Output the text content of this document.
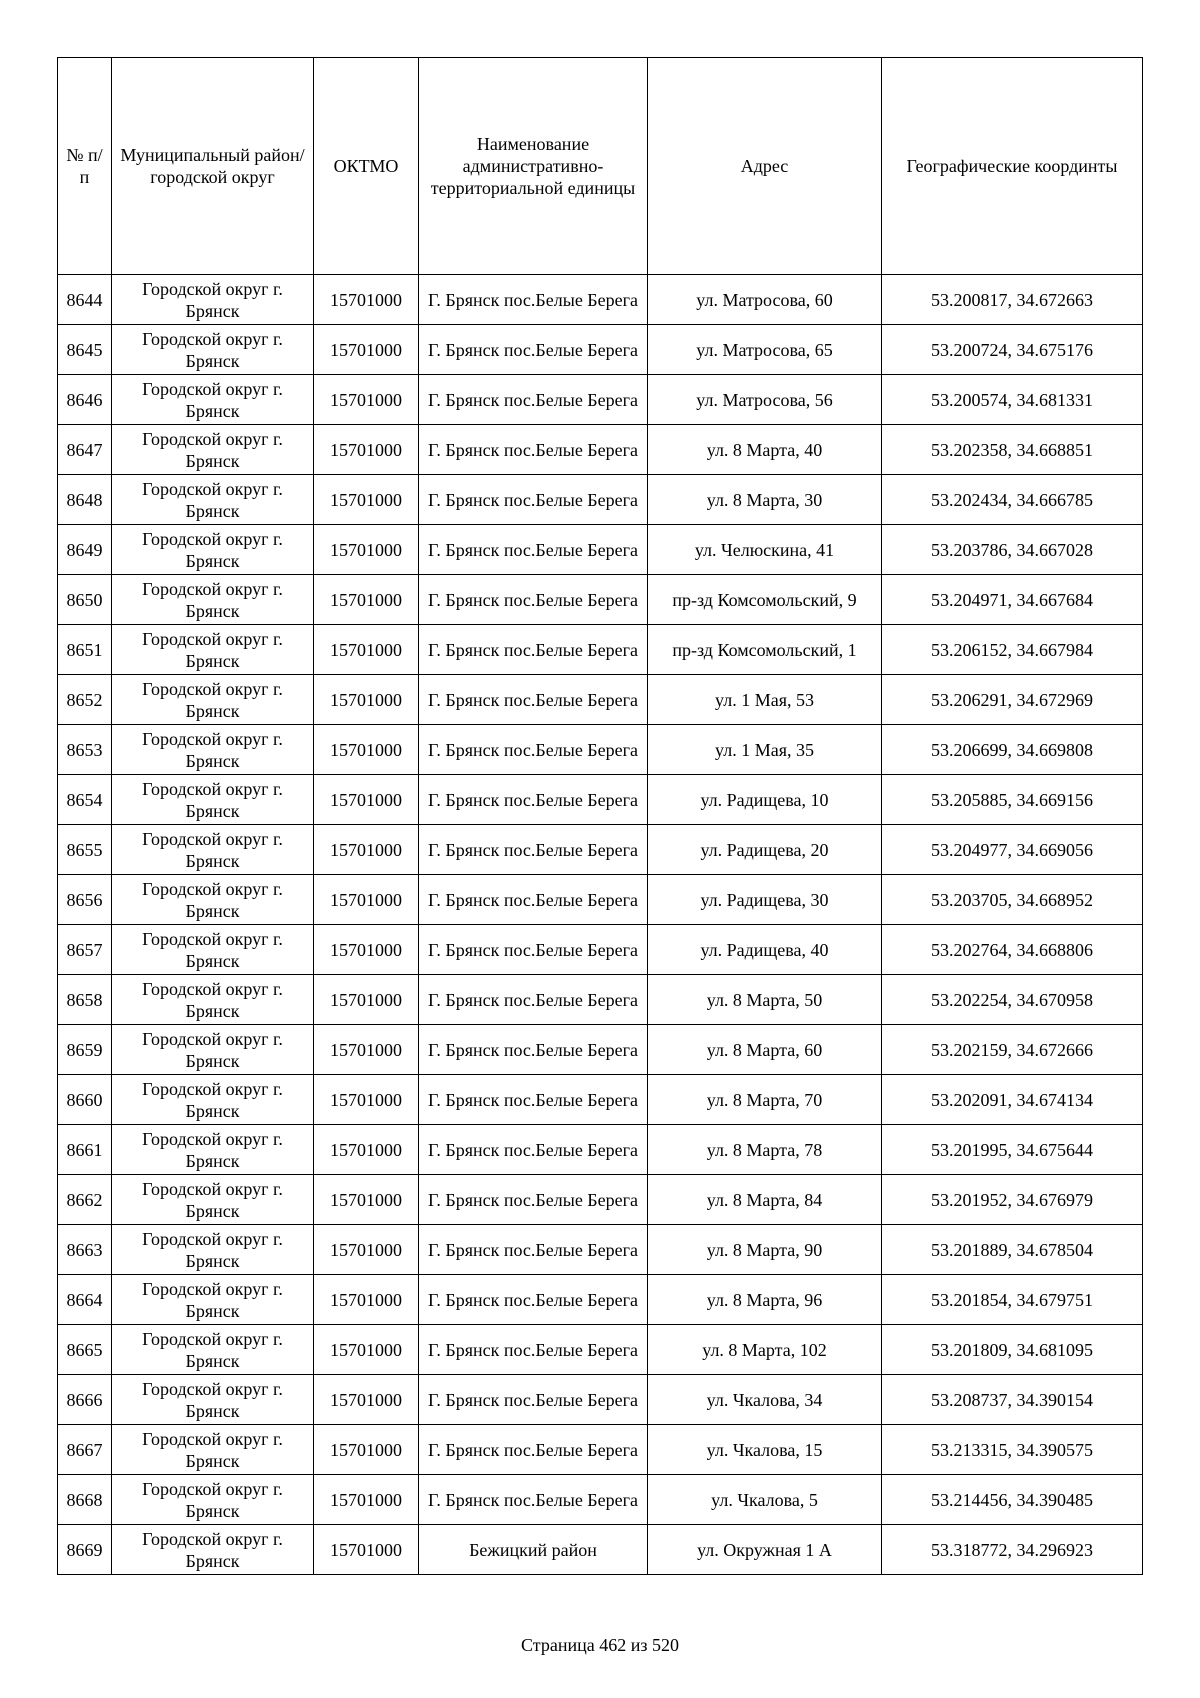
№ п/п	Муниципальный район/городской округ	ОКТМО	Наименование административно-территориальной единицы	Адрес	Географические координты
8644	Городской округ г. Брянск	15701000	Г. Брянск пос.Белые Берега	ул. Матросова, 60	53.200817, 34.672663
8645	Городской округ г. Брянск	15701000	Г. Брянск пос.Белые Берега	ул. Матросова, 65	53.200724, 34.675176
8646	Городской округ г. Брянск	15701000	Г. Брянск пос.Белые Берега	ул. Матросова, 56	53.200574, 34.681331
8647	Городской округ г. Брянск	15701000	Г. Брянск пос.Белые Берега	ул. 8 Марта, 40	53.202358, 34.668851
8648	Городской округ г. Брянск	15701000	Г. Брянск пос.Белые Берега	ул. 8 Марта, 30	53.202434, 34.666785
8649	Городской округ г. Брянск	15701000	Г. Брянск пос.Белые Берега	ул. Челюскина, 41	53.203786, 34.667028
8650	Городской округ г. Брянск	15701000	Г. Брянск пос.Белые Берега	пр-зд Комсомольский, 9	53.204971, 34.667684
8651	Городской округ г. Брянск	15701000	Г. Брянск пос.Белые Берега	пр-зд Комсомольский, 1	53.206152, 34.667984
8652	Городской округ г. Брянск	15701000	Г. Брянск пос.Белые Берега	ул. 1 Мая, 53	53.206291, 34.672969
8653	Городской округ г. Брянск	15701000	Г. Брянск пос.Белые Берега	ул. 1 Мая, 35	53.206699, 34.669808
8654	Городской округ г. Брянск	15701000	Г. Брянск пос.Белые Берега	ул. Радищева, 10	53.205885, 34.669156
8655	Городской округ г. Брянск	15701000	Г. Брянск пос.Белые Берега	ул. Радищева, 20	53.204977, 34.669056
8656	Городской округ г. Брянск	15701000	Г. Брянск пос.Белые Берега	ул. Радищева, 30	53.203705, 34.668952
8657	Городской округ г. Брянск	15701000	Г. Брянск пос.Белые Берега	ул. Радищева, 40	53.202764, 34.668806
8658	Городской округ г. Брянск	15701000	Г. Брянск пос.Белые Берега	ул. 8 Марта, 50	53.202254, 34.670958
8659	Городской округ г. Брянск	15701000	Г. Брянск пос.Белые Берега	ул. 8 Марта, 60	53.202159, 34.672666
8660	Городской округ г. Брянск	15701000	Г. Брянск пос.Белые Берега	ул. 8 Марта, 70	53.202091, 34.674134
8661	Городской округ г. Брянск	15701000	Г. Брянск пос.Белые Берега	ул. 8 Марта, 78	53.201995, 34.675644
8662	Городской округ г. Брянск	15701000	Г. Брянск пос.Белые Берега	ул. 8 Марта, 84	53.201952, 34.676979
8663	Городской округ г. Брянск	15701000	Г. Брянск пос.Белые Берега	ул. 8 Марта, 90	53.201889, 34.678504
8664	Городской округ г. Брянск	15701000	Г. Брянск пос.Белые Берега	ул. 8 Марта, 96	53.201854, 34.679751
8665	Городской округ г. Брянск	15701000	Г. Брянск пос.Белые Берега	ул. 8 Марта, 102	53.201809, 34.681095
8666	Городской округ г. Брянск	15701000	Г. Брянск пос.Белые Берега	ул. Чкалова, 34	53.208737, 34.390154
8667	Городской округ г. Брянск	15701000	Г. Брянск пос.Белые Берега	ул. Чкалова, 15	53.213315, 34.390575
8668	Городской округ г. Брянск	15701000	Г. Брянск пос.Белые Берега	ул. Чкалова, 5	53.214456, 34.390485
8669	Городской округ г. Брянск	15701000	Бежицкий район	ул. Окружная 1 А	53.318772, 34.296923
Страница 462 из 520
